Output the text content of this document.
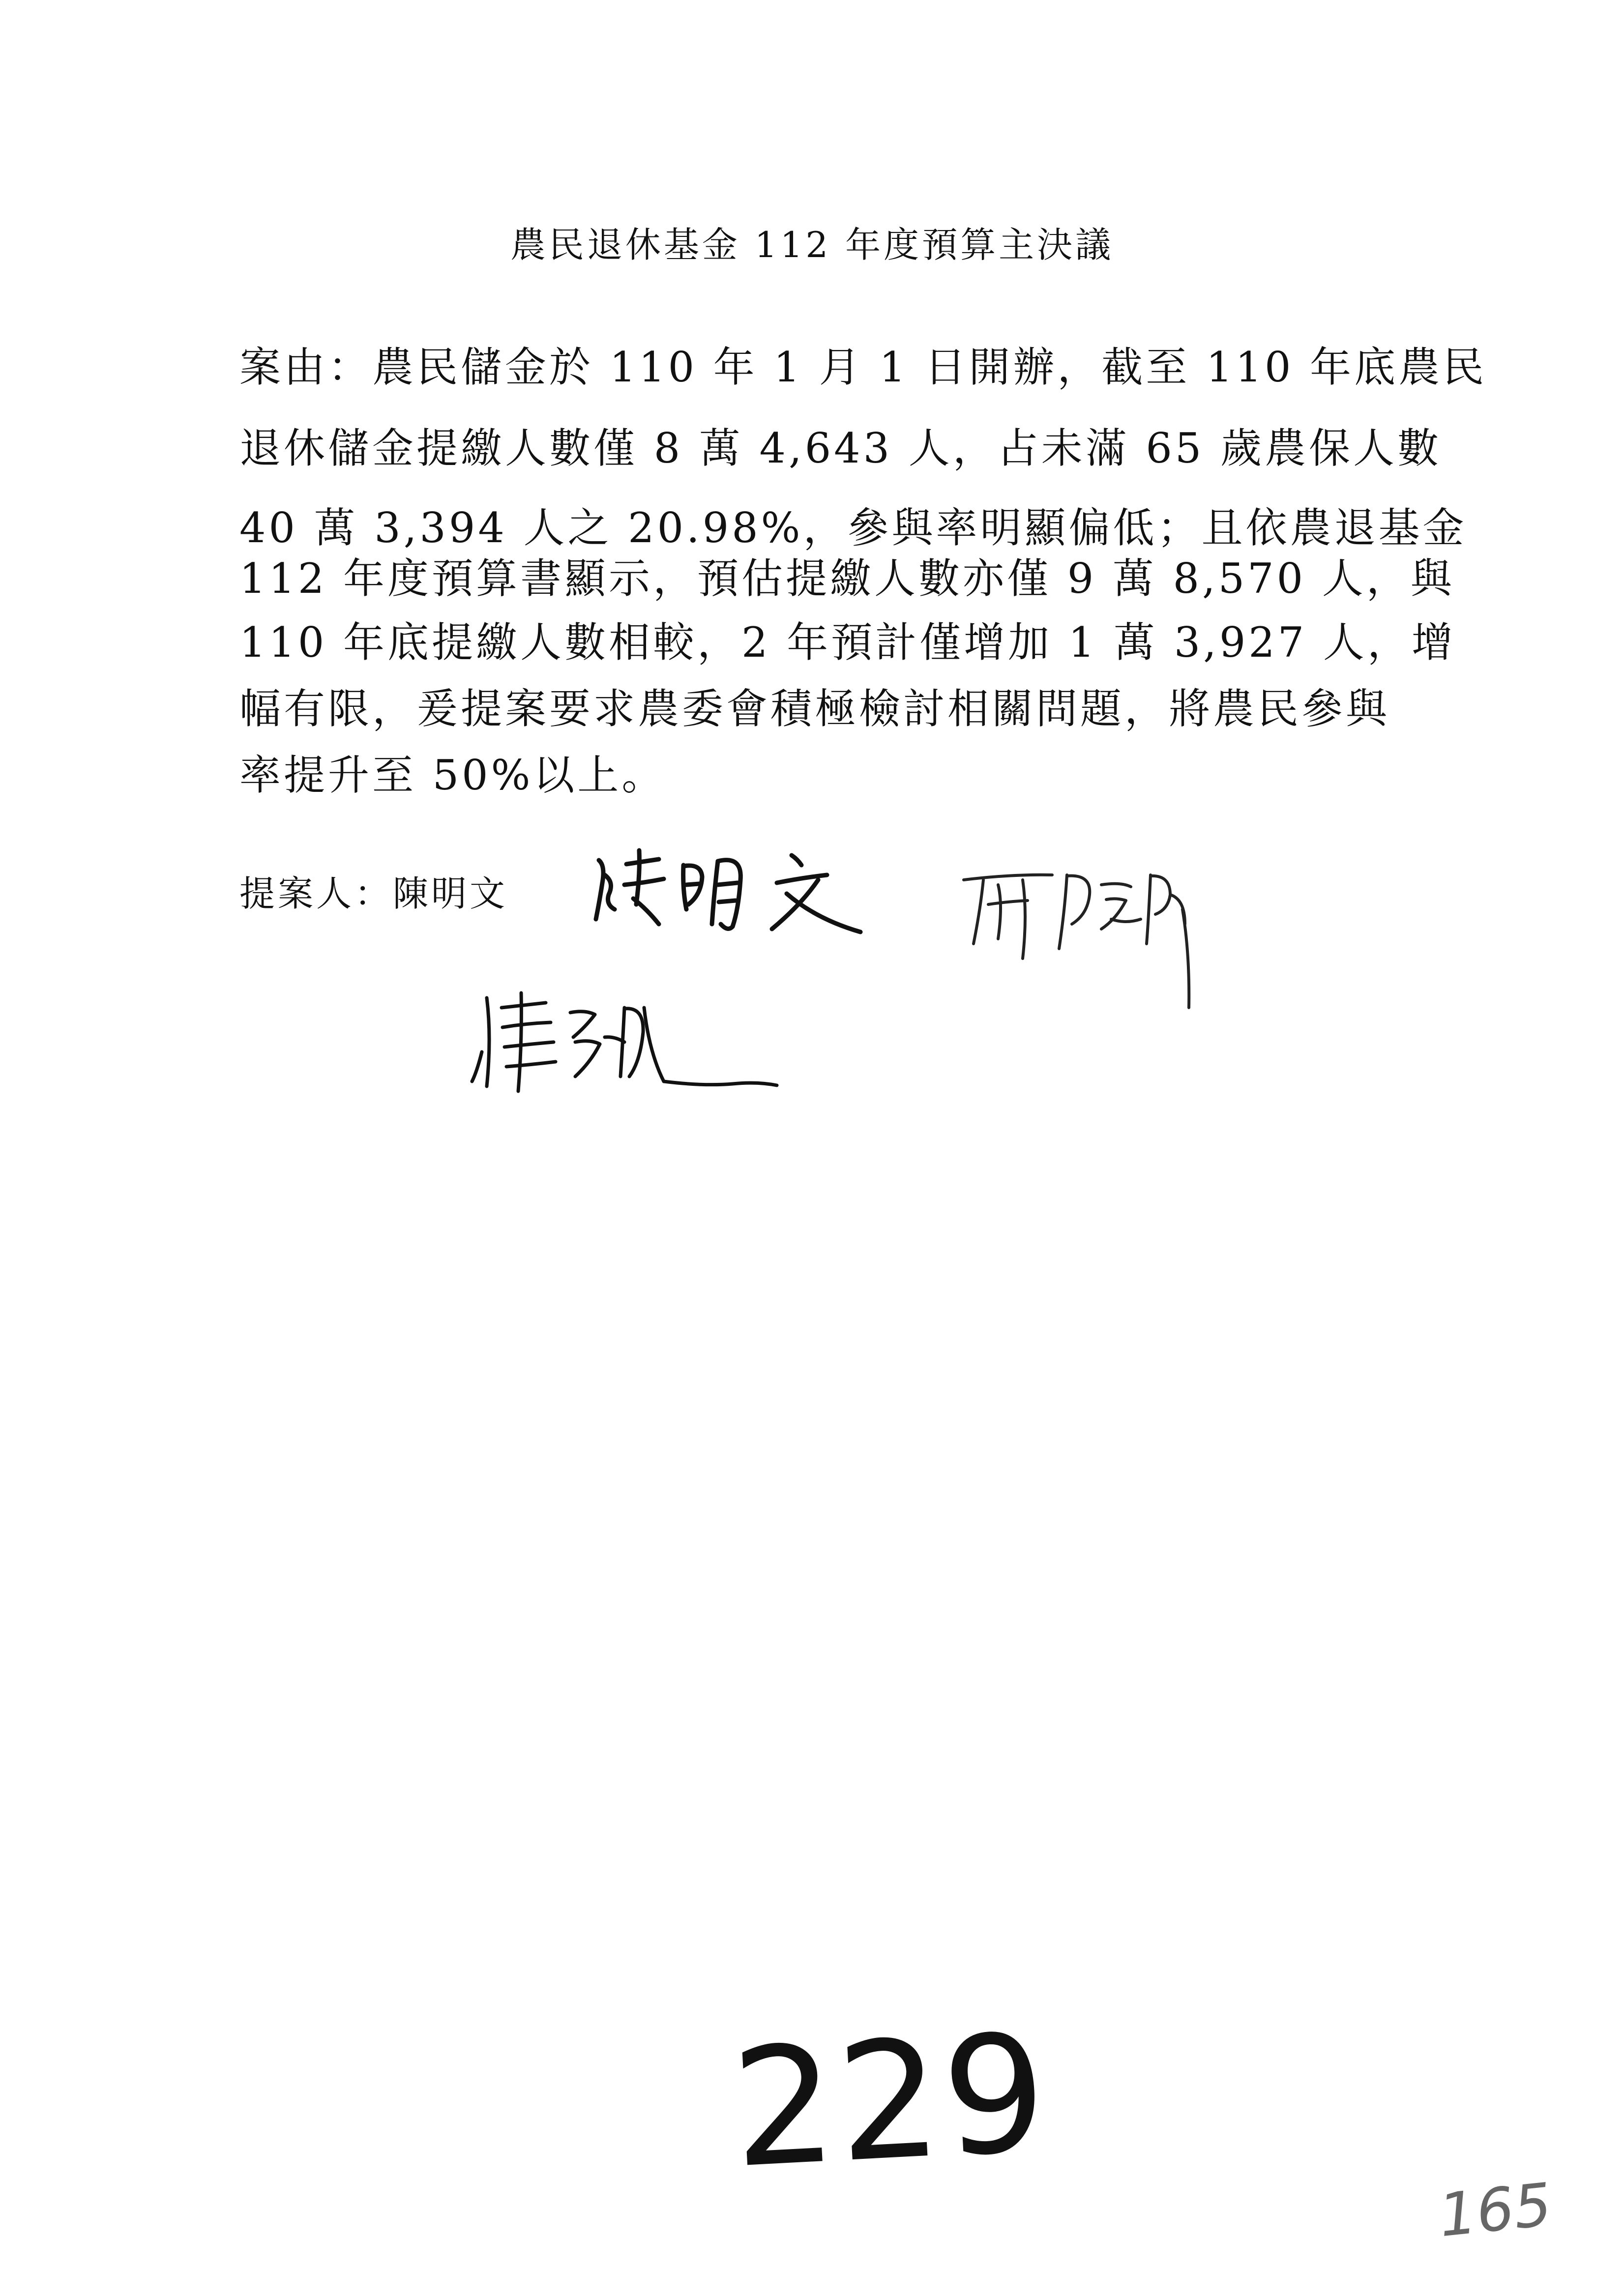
農民退休基金 112 年度預算主決議
案由：農民儲金於 110 年 1 月 1 日開辦，截至 110 年底農民
退休儲金提繳人數僅 8 萬 4,643 人，占未滿 65 歲農保人數
40 萬 3,394 人之 20.98%，參與率明顯偏低；且依農退基金
112 年度預算書顯示，預估提繳人數亦僅 9 萬 8,570 人，與
110 年底提繳人數相較，2 年預計僅增加 1 萬 3,927 人，增
幅有限，爰提案要求農委會積極檢討相關問題，將農民參與
率提升至 50%以上。
提案人：陳明文
229
165
